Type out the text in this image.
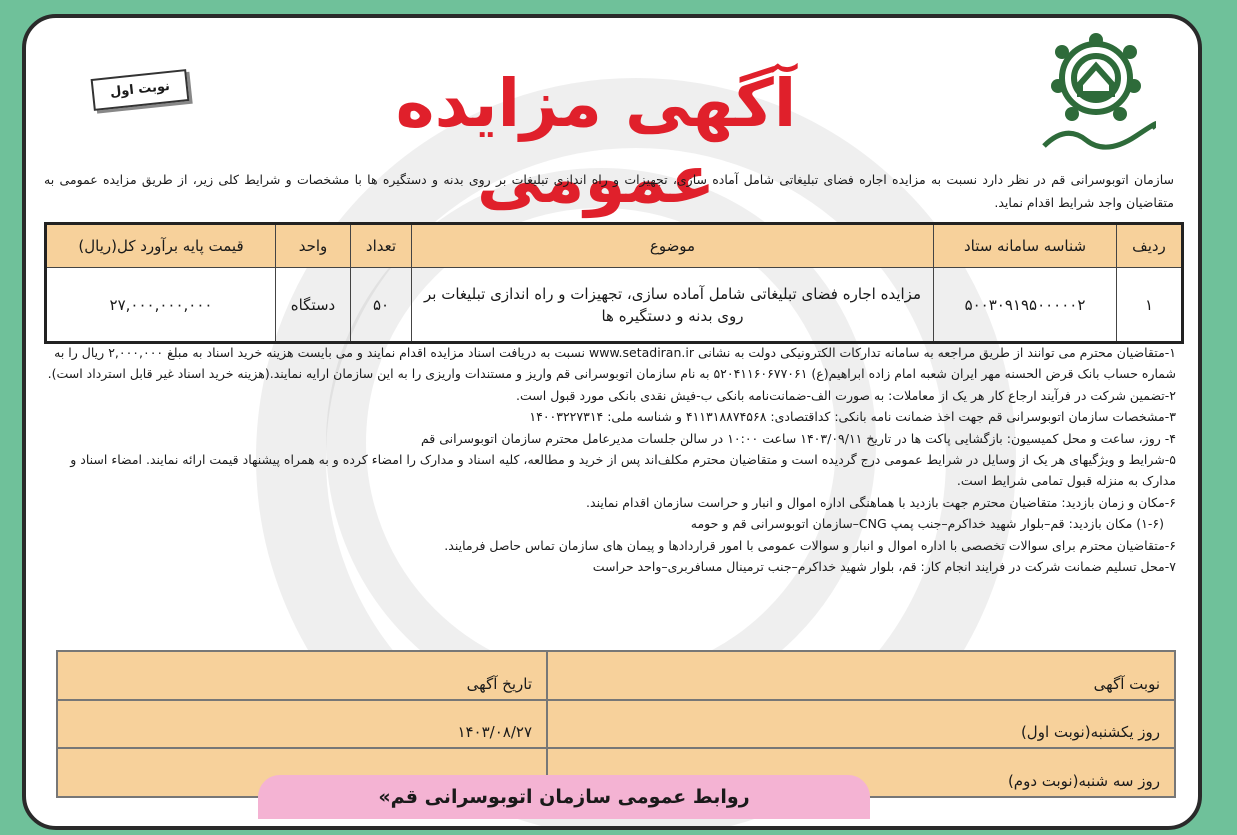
آگهی مزایده عمومی
نوبت اول
سازمان اتوبوسرانی قم در نظر دارد نسبت به مزایده اجاره فضای تبلیغاتی شامل آماده سازی، تجهیزات و راه اندازی تبلیغات بر روی بدنه و دستگیره ها با مشخصات و شرایط کلی زیر، از طریق مزایده عمومی به متقاضیان واجد شرایط اقدام نماید.
ردیف	شناسه سامانه ستاد	موضوع	تعداد	واحد	قیمت پایه برآورد کل(ریال)
۱	۵۰۰۳۰۹۱۹۵۰۰۰۰۰۲	مزایده اجاره فضای تبلیغاتی شامل آماده سازی، تجهیزات و راه اندازی تبلیغات بر روی بدنه و دستگیره ها	۵۰	دستگاه	۲۷,۰۰۰,۰۰۰,۰۰۰

۱-متقاضیان محترم می توانند از طریق مراجعه به سامانه تدارکات الکترونیکی دولت به نشانی www.setadiran.ir نسبت به دریافت اسناد مزایده اقدام نمایند و می بایست هزینه خرید اسناد به مبلغ ۲,۰۰۰,۰۰۰ ریال را به شماره حساب بانک قرض الحسنه مهر ایران شعبه امام زاده ابراهیم(ع) ۵۲۰۴۱۱۶۰۶۷۷۰۶۱ به نام سازمان اتوبوسرانی قم واریز و مستندات واریزی را به این سازمان ارایه نمایند.(هزینه خرید اسناد غیر قابل استرداد است).

۲-تضمین شرکت در فرآیند ارجاع کار هر یک از معاملات: به صورت الف-ضمانت‌نامه بانکی ب-فیش نقدی بانکی مورد قبول است.

۳-مشخصات سازمان اتوبوسرانی قم جهت اخذ ضمانت نامه بانکی: کداقتصادی: ۴۱۱۳۱۸۸۷۴۵۶۸ و شناسه ملی: ۱۴۰۰۳۲۲۷۳۱۴

۴- روز، ساعت و محل کمیسیون: بازگشایی پاکت ها در تاریخ ۱۴۰۳/۰۹/۱۱ ساعت ۱۰:۰۰ در سالن جلسات مدیرعامل محترم سازمان اتوبوسرانی قم

۵-شرایط و ویژگیهای هر یک از وسایل در شرایط عمومی درج گردیده است و متقاضیان محترم مکلف‌اند پس از خرید و مطالعه، کلیه اسناد و مدارک را امضاء کرده و به همراه پیشنهاد قیمت ارائه نمایند. امضاء اسناد و مدارک به منزله قبول تمامی شرایط است.

۶-مکان و زمان بازدید: متقاضیان محترم جهت بازدید با هماهنگی اداره اموال و انبار و حراست سازمان اقدام نمایند.

(۱-۶) مکان بازدید: قم–بلوار شهید خداکرم–جنب پمپ CNG–سازمان اتوبوسرانی قم و حومه

۶-متقاضیان محترم برای سوالات تخصصی با اداره اموال و انبار و سوالات عمومی با امور قراردادها و پیمان های سازمان تماس حاصل فرمایند.

۷-محل تسلیم ضمانت شرکت در فرایند انجام کار: قم، بلوار شهید خداکرم–جنب ترمینال مسافربری–واحد حراست

نوبت آگهی	تاریخ آگهی
روز یکشنبه(نوبت اول)	۱۴۰۳/۰۸/۲۷
روز سه شنبه(نوبت دوم)	
روابط عمومی سازمان اتوبوسرانی قم»
